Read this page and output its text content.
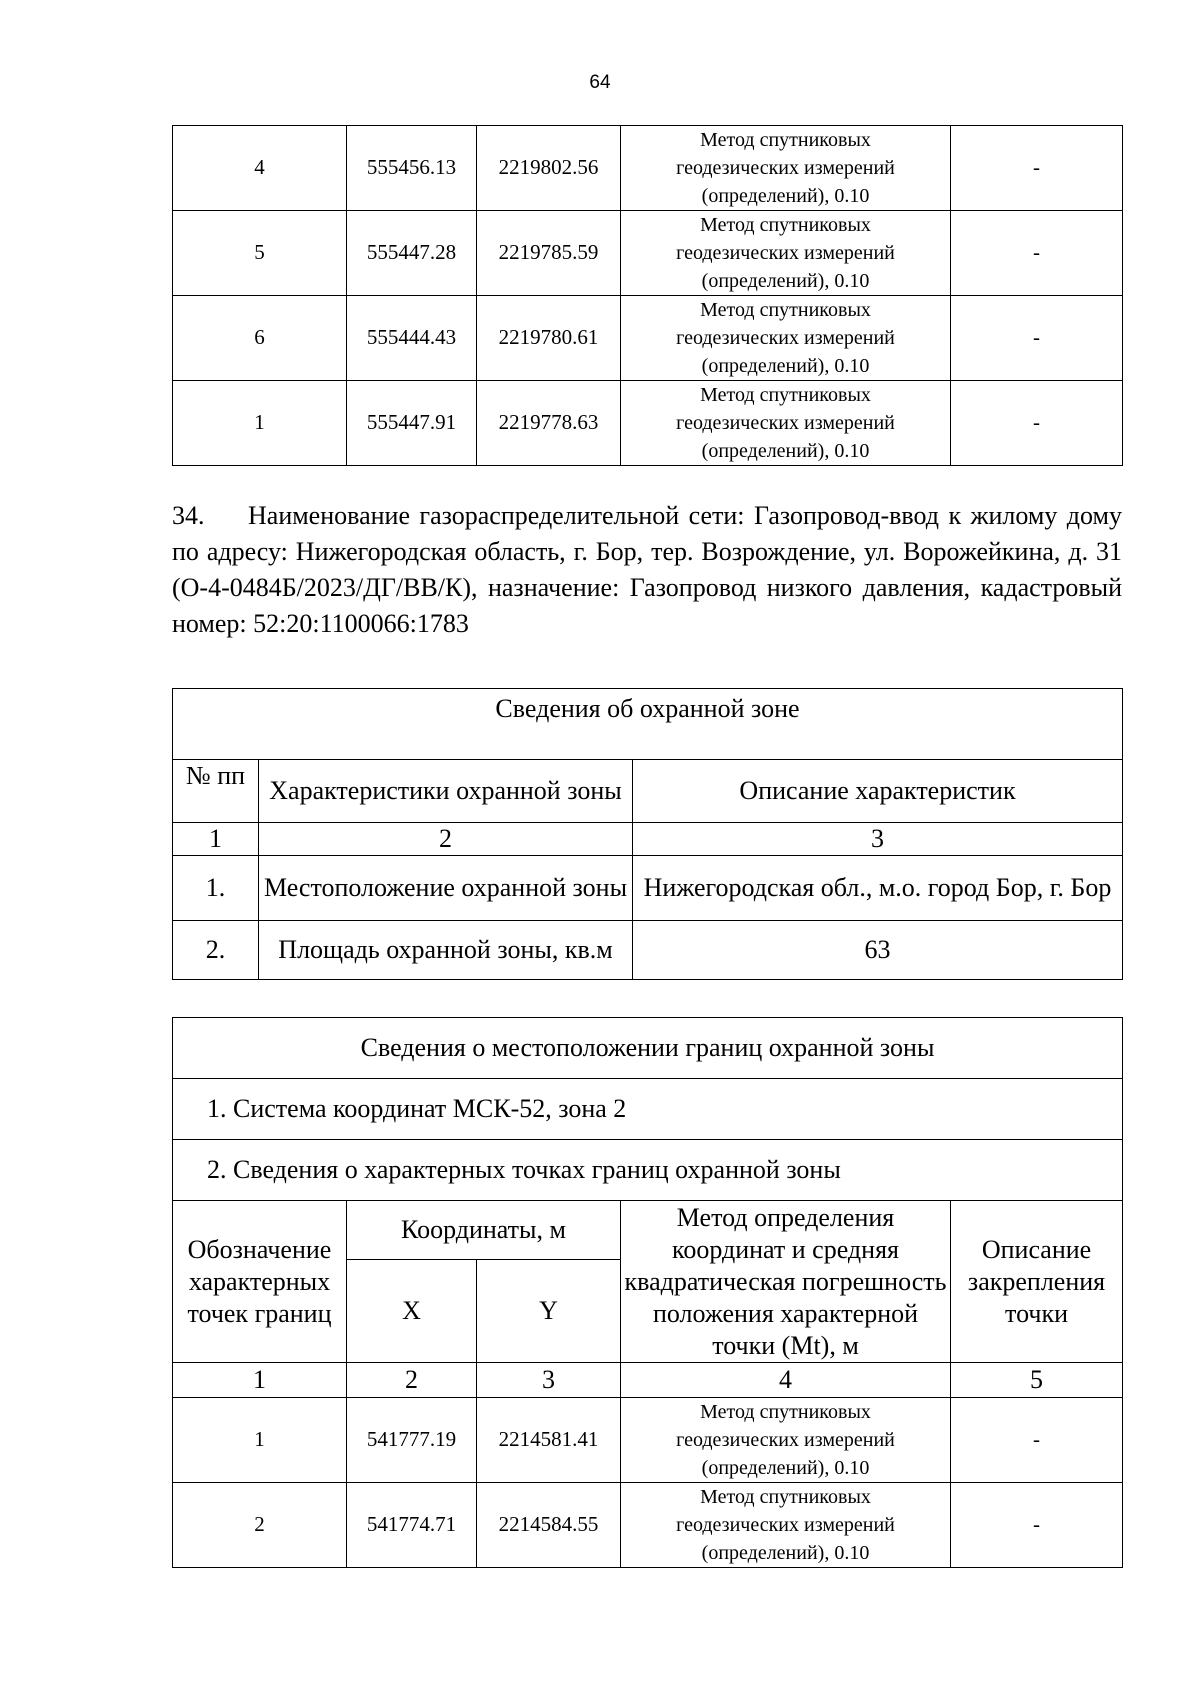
64
4	555456.13	2219802.56	Метод спутниковых
геодезических измерений
(определений), 0.10	-
5	555447.28	2219785.59	Метод спутниковых
геодезических измерений
(определений), 0.10	-
6	555444.43	2219780.61	Метод спутниковых
геодезических измерений
(определений), 0.10	-
1	555447.91	2219778.63	Метод спутниковых
геодезических измерений
(определений), 0.10	-
34. Наименование газораспределительной сети: Газопровод-ввод к жилому дому по адресу: Нижегородская область, г. Бор, тер. Возрождение, ул. Ворожейкина, д. 31 (О-4-0484Б/2023/ДГ/ВВ/К), назначение: Газопровод низкого давления, кадастровый номер: 52:20:1100066:1783
Сведения об охранной зоне		
№ пп	Характеристики охранной зоны	Описание характеристик
1	2	3
1.	Местоположение охранной зоны	Нижегородская обл., м.о. город Бор, г. Бор
2.	Площадь охранной зоны, кв.м	63
Сведения о местоположении границ охранной зоны				
1. Система координат МСК-52, зона 2				
2. Сведения о характерных точках границ охранной зоны				
Обозначение характерных точек границ	Координаты, м		Метод определения координат и средняя квадратическая погрешность положения характерной точки (Mt), м	Описание закрепления точки
	X	Y		
1	2	3	4	5
1	541777.19	2214581.41	Метод спутниковых
геодезических измерений
(определений), 0.10	-
2	541774.71	2214584.55	Метод спутниковых
геодезических измерений
(определений), 0.10	-
